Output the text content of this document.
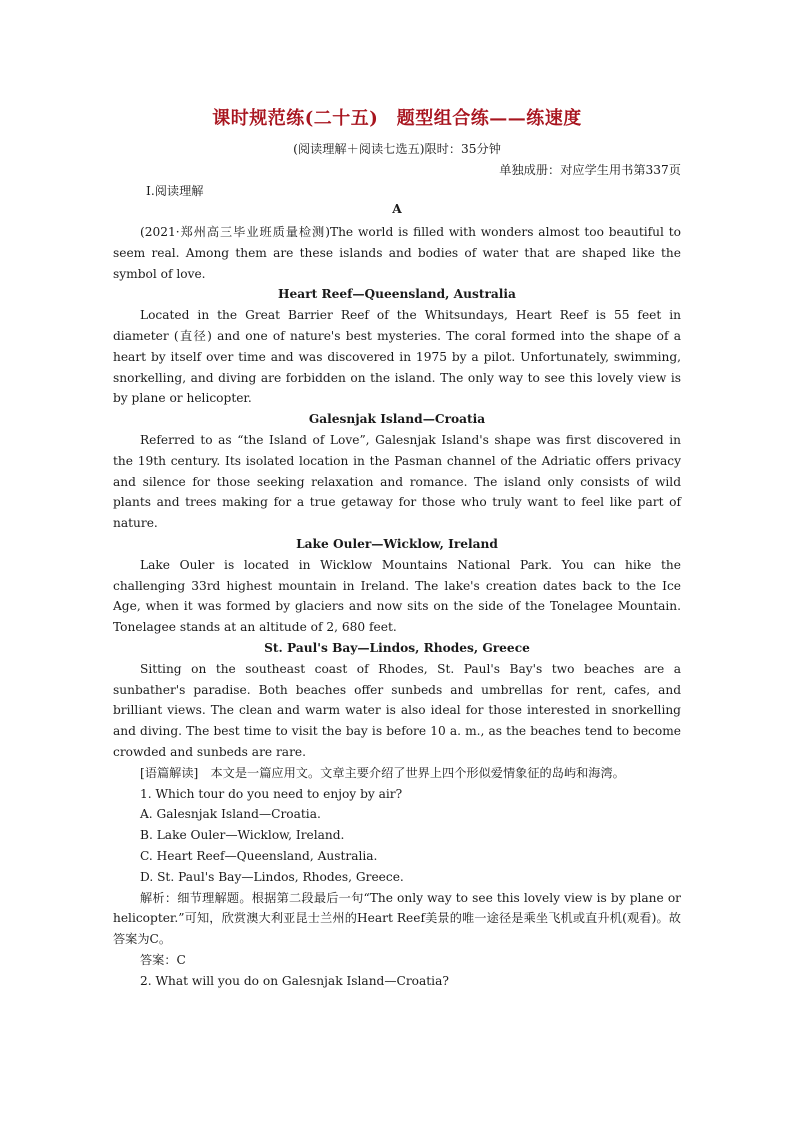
课时规范练(二十五)　题型组合练——练速度
(阅读理解＋阅读七选五)限时：35分钟
单独成册：对应学生用书第337页
Ⅰ.阅读理解
A

(2021·郑州高三毕业班质量检测)The world is filled with wonders almost too beautiful to seem real. Among them are these islands and bodies of water that are shaped like the symbol of love.

Heart Reef—Queensland, Australia

Located in the Great Barrier Reef of the Whitsundays, Heart Reef is 55 feet in diameter (直径) and one of nature's best mysteries. The coral formed into the shape of a heart by itself over time and was discovered in 1975 by a pilot. Unfortunately, swimming, snorkelling, and diving are forbidden on the island. The only way to see this lovely view is by plane or helicopter.

Galesnjak Island—Croatia

Referred to as “the Island of Love”, Galesnjak Island's shape was first discovered in the 19th century. Its isolated location in the Pasman channel of the Adriatic offers privacy and silence for those seeking relaxation and romance. The island only consists of wild plants and trees making for a true getaway for those who truly want to feel like part of nature.

Lake Ouler—Wicklow, Ireland

Lake Ouler is located in Wicklow Mountains National Park. You can hike the challenging 33rd highest mountain in Ireland. The lake's creation dates back to the Ice Age, when it was formed by glaciers and now sits on the side of the Tonelagee Mountain. Tonelagee stands at an altitude of 2, 680 feet.

St. Paul's Bay—Lindos, Rhodes, Greece

Sitting on the southeast coast of Rhodes, St. Paul's Bay's two beaches are a sunbather's paradise. Both beaches offer sunbeds and umbrellas for rent, cafes, and brilliant views. The clean and warm water is also ideal for those interested in snorkelling and diving. The best time to visit the bay is before 10 a. m., as the beaches tend to become crowded and sunbeds are rare.

[语篇解读]　本文是一篇应用文。文章主要介绍了世界上四个形似爱情象征的岛屿和海湾。

1. Which tour do you need to enjoy by air?

A. Galesnjak Island—Croatia.

B. Lake Ouler—Wicklow, Ireland.

C. Heart Reef—Queensland, Australia.

D. St. Paul's Bay—Lindos, Rhodes, Greece.

解析：细节理解题。根据第二段最后一句“The only way to see this lovely view is by plane or helicopter.”可知，欣赏澳大利亚昆士兰州的Heart Reef美景的唯一途径是乘坐飞机或直升机(观看)。故答案为C。

答案：C

2. What will you do on Galesnjak Island—Croatia?
